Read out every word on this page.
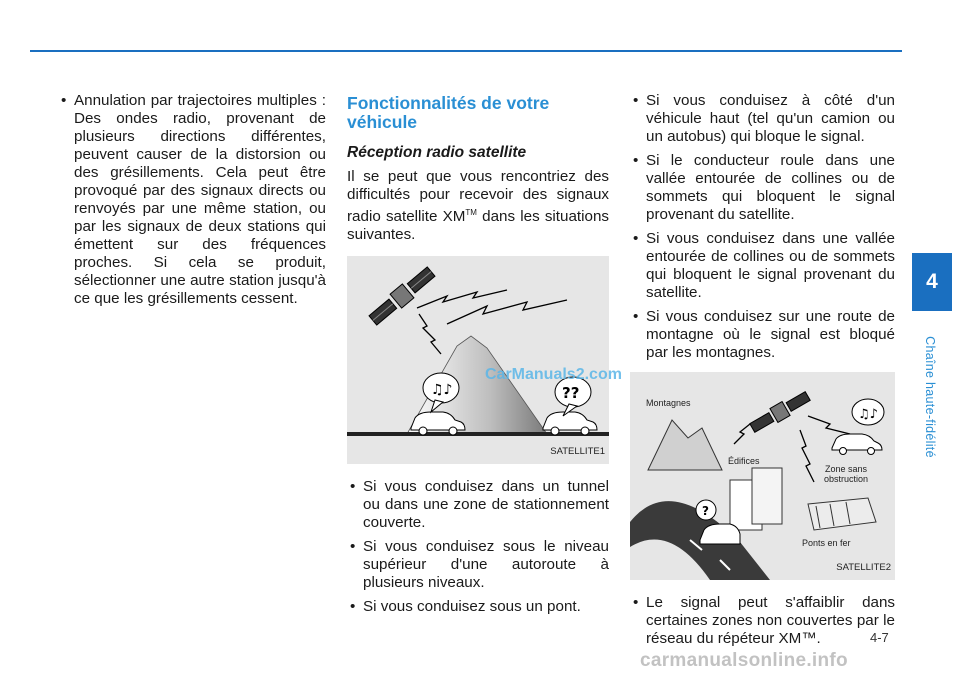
• Annulation par trajectoires multiples : Des ondes radio, provenant de plusieurs directions différentes, peuvent causer de la distorsion ou des grésillements. Cela peut être provoqué par des signaux directs ou renvoyés par une même station, ou par les signaux de deux stations qui émettent sur des fréquences proches. Si cela se produit, sélectionner une autre station jusqu'à ce que les grésillements cessent.
Fonctionnalités de votre véhicule
Réception radio satellite

Il se peut que vous rencontriez des difficultés pour recevoir des signaux radio satellite XM™ dans les situations suivantes.

♫♪	??
CarManuals2.com
SATELLITE1
• Si vous conduisez dans un tunnel ou dans une zone de stationnement couverte.
• Si vous conduisez sous le niveau supérieur d'une autoroute à plusieurs niveaux.
• Si vous conduisez sous un pont.
• Si vous conduisez à côté d'un véhicule haut (tel qu'un camion ou un autobus) qui bloque le signal.
• Si le conducteur roule dans une vallée entourée de collines ou de sommets qui bloquent le signal provenant du satellite.
• Si vous conduisez dans une vallée entourée de collines ou de sommets qui bloquent le signal provenant du satellite.
• Si vous conduisez sur une route de montagne où le signal est bloqué par les montagnes.
♫♪
?
Montagnes
Édifices
Zone sans
obstruction
Ponts en fer
SATELLITE2
• Le signal peut s'affaiblir dans certaines zones non couvertes par le réseau du répéteur XM™.
4
Chaîne haute-fidélité
4-7
carmanualsonline.info
